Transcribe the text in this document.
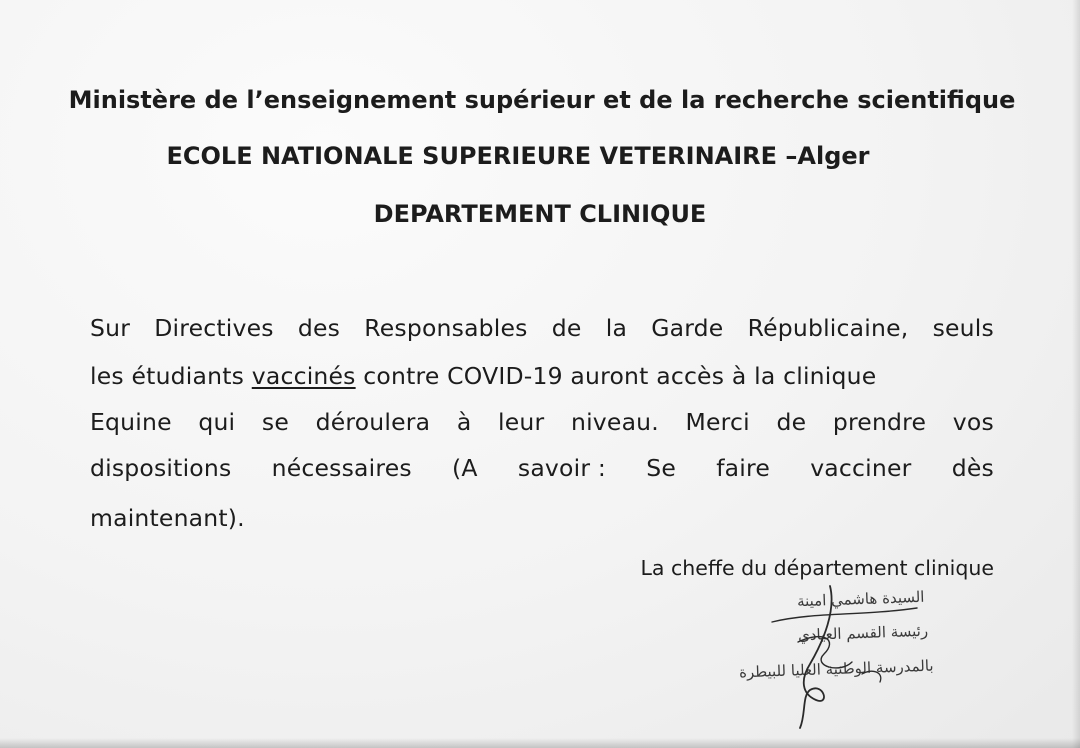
Ministère de l’enseignement supérieur et de la recherche scientifique
ECOLE NATIONALE SUPERIEURE VETERINAIRE –Alger
DEPARTEMENT CLINIQUE
Sur Directives des Responsables de la Garde Républicaine, seuls
les étudiants vaccinés contre COVID-19 auront accès à la clinique
Equine qui se déroulera à leur niveau. Merci de prendre vos
dispositions nécessaires (A savoir : Se faire vacciner dès
maintenant).
La cheffe du département clinique
السيدة هاشمي امينة
رئيسة القسم العيادي
بالمدرسة الوطنية العليا للبيطرة
